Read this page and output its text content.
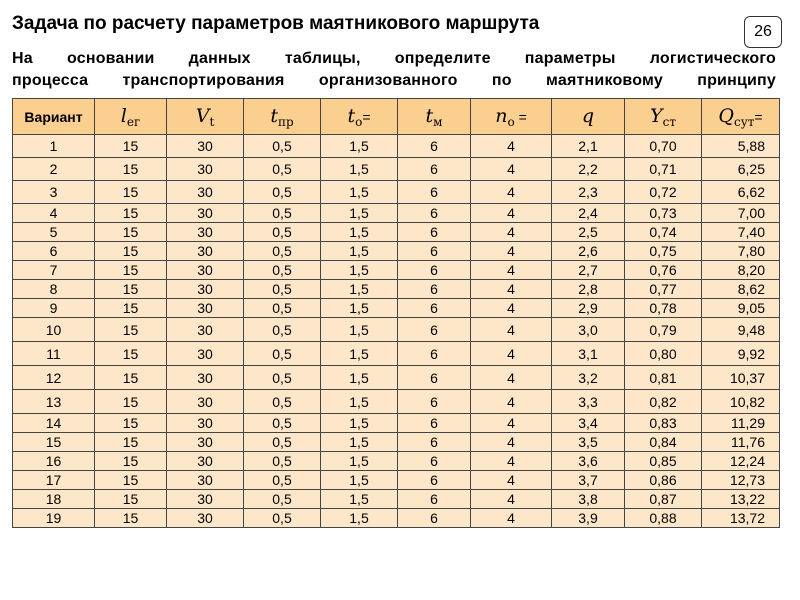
Задача по расчету параметров маятникового маршрута	26
На основании данных таблицы, определите параметры логистического
процесса транспортирования организованного по маятниковому принципу
Вариант	lег	Vt	tпр	tо=	tм	nо =	q	Yст	Qсут=
1	15	30	0,5	1,5	6	4	2,1	0,70	5,88
2	15	30	0,5	1,5	6	4	2,2	0,71	6,25
3	15	30	0,5	1,5	6	4	2,3	0,72	6,62
4	15	30	0,5	1,5	6	4	2,4	0,73	7,00
5	15	30	0,5	1,5	6	4	2,5	0,74	7,40
6	15	30	0,5	1,5	6	4	2,6	0,75	7,80
7	15	30	0,5	1,5	6	4	2,7	0,76	8,20
8	15	30	0,5	1,5	6	4	2,8	0,77	8,62
9	15	30	0,5	1,5	6	4	2,9	0,78	9,05
10	15	30	0,5	1,5	6	4	3,0	0,79	9,48
11	15	30	0,5	1,5	6	4	3,1	0,80	9,92
12	15	30	0,5	1,5	6	4	3,2	0,81	10,37
13	15	30	0,5	1,5	6	4	3,3	0,82	10,82
14	15	30	0,5	1,5	6	4	3,4	0,83	11,29
15	15	30	0,5	1,5	6	4	3,5	0,84	11,76
16	15	30	0,5	1,5	6	4	3,6	0,85	12,24
17	15	30	0,5	1,5	6	4	3,7	0,86	12,73
18	15	30	0,5	1,5	6	4	3,8	0,87	13,22
19	15	30	0,5	1,5	6	4	3,9	0,88	13,72
